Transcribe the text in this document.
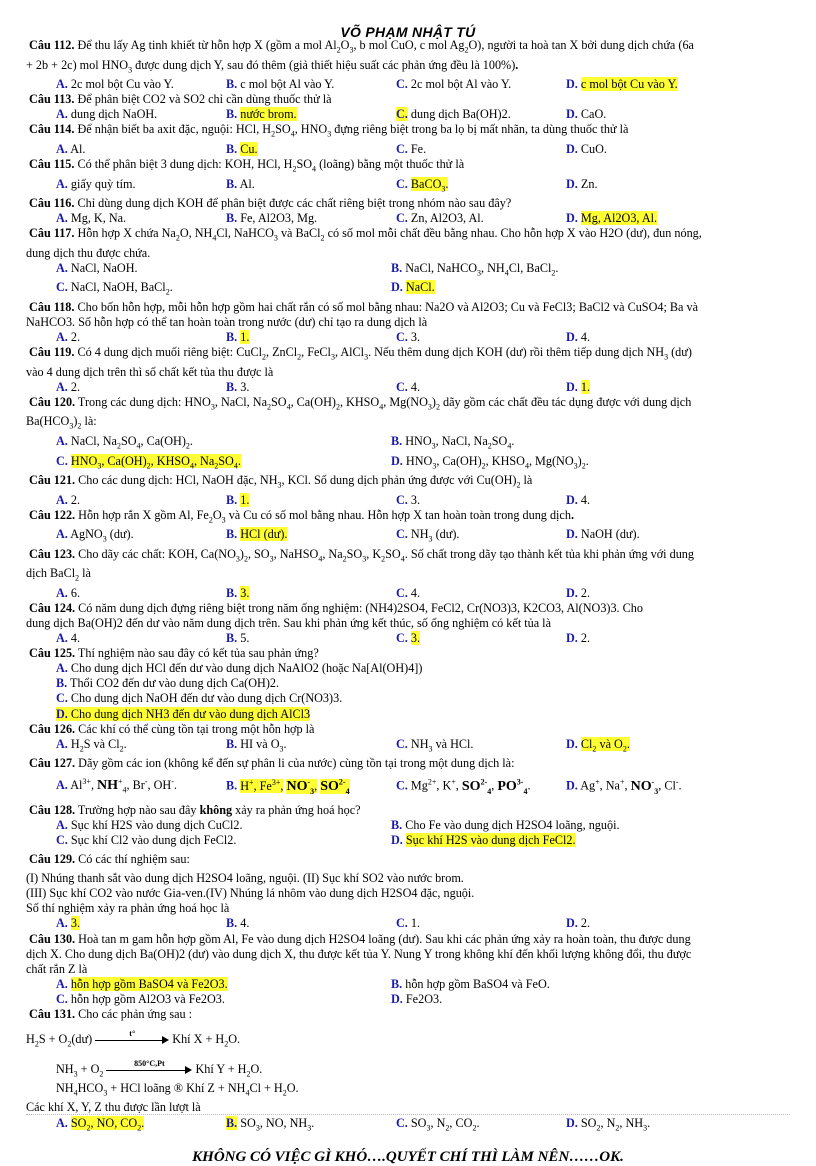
VÕ PHẠM NHẬT TÚ
Câu 112. Để thu lấy Ag tinh khiết từ hỗn hợp X (gồm a mol $Al_2O_3$, b mol CuO, c mol $Ag_2O$), người ta hoà tan X bởi dung dịch chứa (6a
+ 2b + 2c) mol $HNO_3$ được dung dịch Y, sau đó thêm (giả thiết hiệu suất các phản ứng đều là 100%).
A. 2c mol bột Cu vào Y.	B. c mol bột Al vào Y.	C. 2c mol bột Al vào Y.	D. c mol bột Cu vào Y.
Câu 113. Để phân biệt CO2 và SO2 chỉ cần dùng thuốc thử là
A. dung dịch NaOH.	B. nước brom.	C. dung dịch Ba(OH)2.	D. CaO.
Câu 114. Để nhận biết ba axit đặc, nguội: HCl, $H_2SO_4$, $HNO_3$ đựng riêng biệt trong ba lọ bị mất nhãn, ta dùng thuốc thử là
A. Al.	B. Cu.	C. Fe.	D. CuO.
Câu 115. Có thể phân biệt 3 dung dịch: KOH, HCl, $H_2SO_4$ (loãng) bằng một thuốc thử là
A. giấy quỳ tím.	B. Al.	C. BaCO$_3$.	D. Zn.
Câu 116. Chỉ dùng dung dịch KOH để phân biệt được các chất riêng biệt trong nhóm nào sau đây?
A. Mg, K, Na.	B. Fe, Al2O3, Mg.	C. Zn, Al2O3, Al.	D. Mg, Al2O3, Al.
Câu 117. Hỗn hợp X chứa $Na_2O$, $NH_4Cl$, NaHCO$_3$ và BaCl$_2$ có số mol mỗi chất đều bằng nhau. Cho hỗn hợp X vào H2O (dư), đun nóng,
dung dịch thu được chứa.
A. NaCl, NaOH.	B. NaCl, NaHCO$_3$, $NH_4Cl$, BaCl$_2$.
C. NaCl, NaOH, BaCl$_2$.	D. NaCl.
Câu 118. Cho bốn hỗn hợp, mỗi hỗn hợp gồm hai chất rắn có số mol bằng nhau: Na2O và Al2O3; Cu và FeCl3; BaCl2 và CuSO4; Ba và
NaHCO3. Số hỗn hợp có thể tan hoàn toàn trong nước (dư) chỉ tạo ra dung dịch là
A. 2.	B. 1.	C. 3.	D. 4.
Câu 119. Có 4 dung dịch muối riêng biệt: CuCl$_2$, ZnCl$_2$, FeCl$_3$, AlCl$_3$. Nếu thêm dung dịch KOH (dư) rồi thêm tiếp dung dịch $NH_3$ (dư)
vào 4 dung dịch trên thì số chất kết tủa thu được là
A. 2.	B. 3.	C. 4.	D. 1.
Câu 120. Trong các dung dịch: $HNO_3$, NaCl, $Na_2SO_4$, $Ca(OH)_2$, $KHSO_4$, $Mg(NO_3)_2$ dãy gồm các chất đều tác dụng được với dung dịch
$Ba(HCO_3)_2$ là:
A. NaCl, $Na_2SO_4$, $Ca(OH)_2$.	B. $HNO_3$, NaCl, $Na_2SO_4$.
C. $HNO_3$, $Ca(OH)_2$, $KHSO_4$, $Na_2SO_4$.	D. $HNO_3$, $Ca(OH)_2$, $KHSO_4$, $Mg(NO_3)_2$.
Câu 121. Cho các dung dịch: HCl, NaOH đặc, $NH_3$, KCl. Số dung dịch phản ứng được với $Cu(OH)_2$ là
A. 2.	B. 1.	C. 3.	D. 4.
Câu 122. Hỗn hợp rắn X gồm Al, $Fe_2O_3$ và Cu có số mol bằng nhau. Hỗn hợp X tan hoàn toàn trong dung dịch.
A. AgNO$_3$ (dư).	B. HCl (dư).	C. $NH_3$ (dư).	D. NaOH (dư).
Câu 123. Cho dãy các chất: KOH, $Ca(NO_3)_2$, $SO_3$, NaHSO$_4$, $Na_2SO_3$, $K_2SO_4$. Số chất trong dãy tạo thành kết tủa khi phản ứng với dung
dịch BaCl$_2$ là
A. 6.	B. 3.	C. 4.	D. 2.
Câu 124. Có năm dung dịch đựng riêng biệt trong năm ống nghiệm: (NH4)2SO4, FeCl2, Cr(NO3)3, K2CO3, Al(NO3)3. Cho
dung dịch Ba(OH)2 đến dư vào năm dung dịch trên. Sau khi phản ứng kết thúc, số ống nghiệm có kết tủa là
A. 4.	B. 5.	C. 3.	D. 2.
Câu 125. Thí nghiệm nào sau đây có kết tủa sau phản ứng?
A. Cho dung dịch HCl đến dư vào dung dịch NaAlO2 (hoặc Na[Al(OH)4])
B. Thổi CO2 đến dư vào dung dịch Ca(OH)2.
C. Cho dung dịch NaOH đến dư vào dung dịch Cr(NO3)3.
D. Cho dung dịch NH3 đến dư vào dung dịch AlCl3
Câu 126. Các khí có thể cùng tồn tại trong một hỗn hợp là
A. $H_2S$ và $Cl_2$.	B. HI và $O_3$.	C. $NH_3$ và HCl.	D. $Cl_2$ và $O_2$.
Câu 127. Dãy gồm các ion (không kể đến sự phân li của nước) cùng tồn tại trong một dung dịch là:
A. $Al^{3+}$, $NH^+_4$, Br-, OH-.	B. H+, $Fe^{3+}$, $NO^-_3$, $SO^{2-}_4$	C. $Mg^{2+}$, K+, $SO^{2-}_4$, $PO^{3-}_4$.	D. Ag+, Na+, $NO^-_3$, Cl-.
Câu 128. Trường hợp nào sau đây không xảy ra phản ứng hoá học?
A. Sục khí H2S vào dung dịch CuCl2.	B. Cho Fe vào dung dịch H2SO4 loãng, nguội.
C. Sục khí Cl2 vào dung dịch FeCl2.	D. Sục khí H2S vào dung dịch FeCl2.
Câu 129. Có các thí nghiệm sau:
(I) Nhúng thanh sắt vào dung dịch H2SO4 loãng, nguội. (II) Sục khí SO2 vào nước brom.
(III) Sục khí CO2 vào nước Gia-ven.(IV) Nhúng lá nhôm vào dung dịch H2SO4 đặc, nguội.
Số thí nghiệm xảy ra phản ứng hoá học là
A. 3.	B. 4.	C. 1.	D. 2.
Câu 130. Hoà tan m gam hỗn hợp gồm Al, Fe vào dung dịch H2SO4 loãng (dư). Sau khi các phản ứng xảy ra hoàn toàn, thu được dung
dịch X. Cho dung dịch Ba(OH)2 (dư) vào dung dịch X, thu được kết tủa Y. Nung Y trong không khí đến khối lượng không đổi, thu được
chất rắn Z là
A. hỗn hợp gồm BaSO4 và Fe2O3.	B. hỗn hợp gồm BaSO4 và FeO.
C. hỗn hợp gồm Al2O3 và Fe2O3.	D. Fe2O3.
Câu 131. Cho các phản ứng sau :
$H_2S$ + $O_2(dư)$	t°	Khí $X + H_2O$.
$NH_3 + O_2$
850°C,Pt	Khí $Y + H_2O$.
$NH_4HCO_3$ + HCl loãng ® Khí $Z + NH_4Cl + H_2O$.
Các khí X, Y, Z thu được lần lượt là
A. $SO_2$, NO, $CO_2$.	B. $SO_3$, NO, $NH_3$.	C. $SO_3$, $N_2$, $CO_2$.	D. $SO_2$, $N_2$, $NH_3$.
KHÔNG CÓ VIỆC GÌ KHÓ….QUYẾT CHÍ THÌ LÀM NÊN……OK.
